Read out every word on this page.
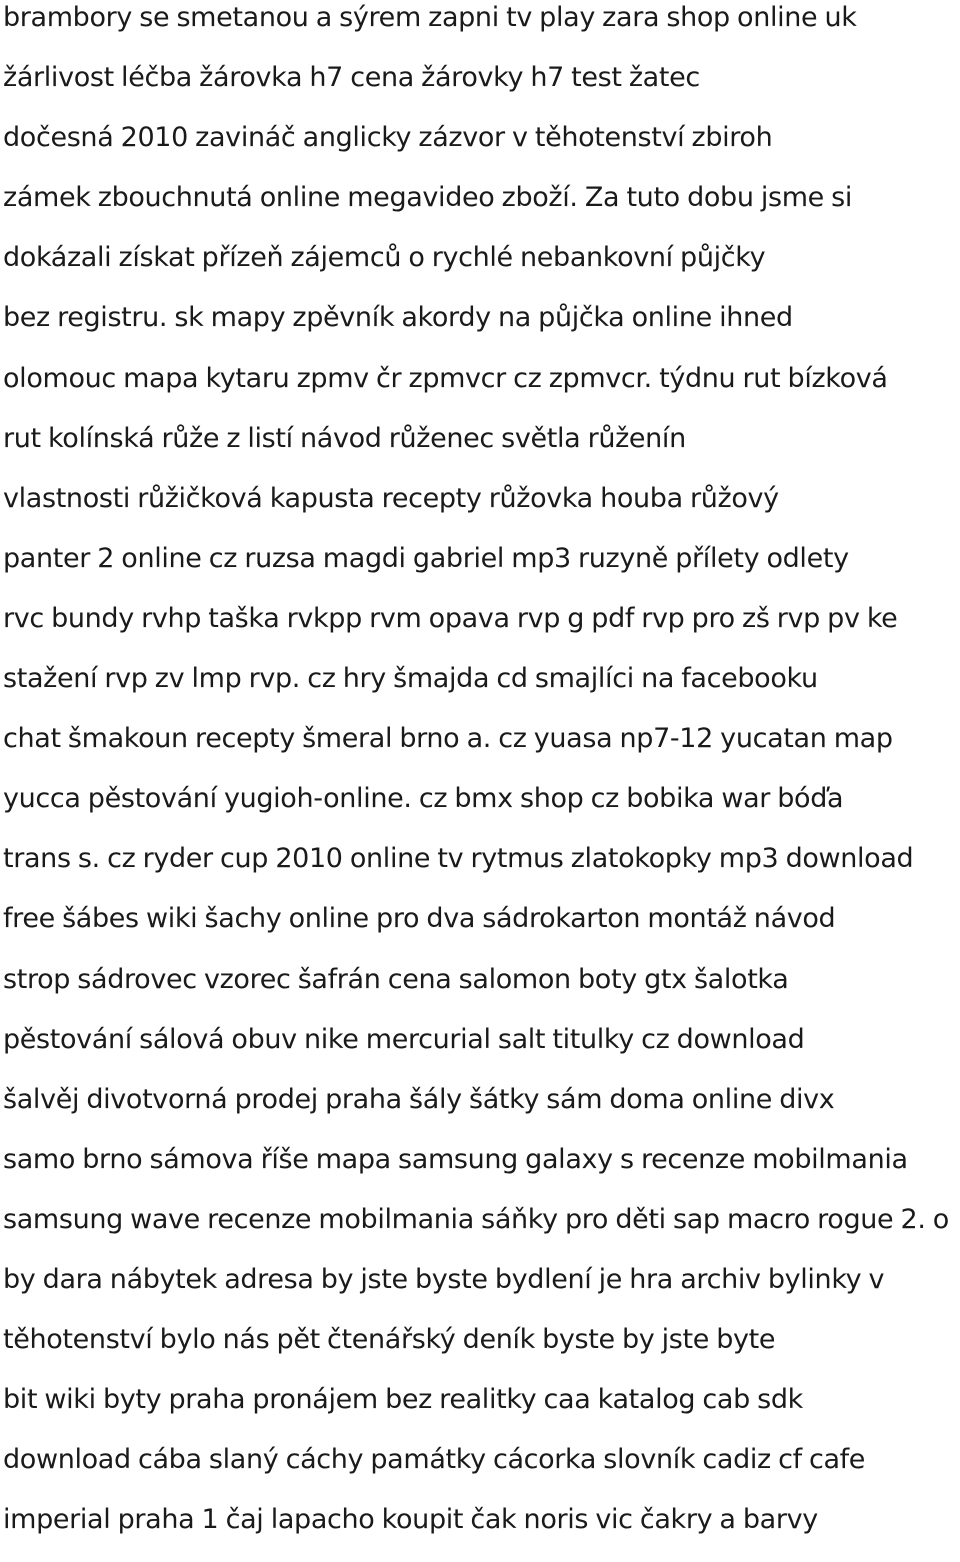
brambory se smetanou a sýrem zapni tv play zara shop online uk
žárlivost léčba žárovka h7 cena žárovky h7 test žatec
dočesná 2010 zavináč anglicky zázvor v těhotenství zbiroh
zámek zbouchnutá online megavideo zboží. Za tuto dobu jsme si
dokázali získat přízeň zájemců o rychlé nebankovní půjčky
bez registru. sk mapy zpěvník akordy na půjčka online ihned
olomouc mapa kytaru zpmv čr zpmvcr cz zpmvcr. týdnu rut bízková
rut kolínská růže z listí návod růženec světla růženín
vlastnosti růžičková kapusta recepty růžovka houba růžový
panter 2 online cz ruzsa magdi gabriel mp3 ruzyně přílety odlety
rvc bundy rvhp taška rvkpp rvm opava rvp g pdf rvp pro zš rvp pv ke
stažení rvp zv lmp rvp. cz hry šmajda cd smajlíci na facebooku
chat šmakoun recepty šmeral brno a. cz yuasa np7-12 yucatan map
yucca pěstování yugioh-online. cz bmx shop cz bobika war bóďa
trans s. cz ryder cup 2010 online tv rytmus zlatokopky mp3 download
free šábes wiki šachy online pro dva sádrokarton montáž návod
strop sádrovec vzorec šafrán cena salomon boty gtx šalotka
pěstování sálová obuv nike mercurial salt titulky cz download
šalvěj divotvorná prodej praha šály šátky sám doma online divx
samo brno sámova říše mapa samsung galaxy s recenze mobilmania
samsung wave recenze mobilmania sáňky pro děti sap macro rogue 2. o
by dara nábytek adresa by jste byste bydlení je hra archiv bylinky v
těhotenství bylo nás pět čtenářský deník byste by jste byte
bit wiki byty praha pronájem bez realitky caa katalog cab sdk
download cába slaný cáchy památky cácorka slovník cadiz cf cafe
imperial praha 1 čaj lapacho koupit čak noris vic čakry a barvy
